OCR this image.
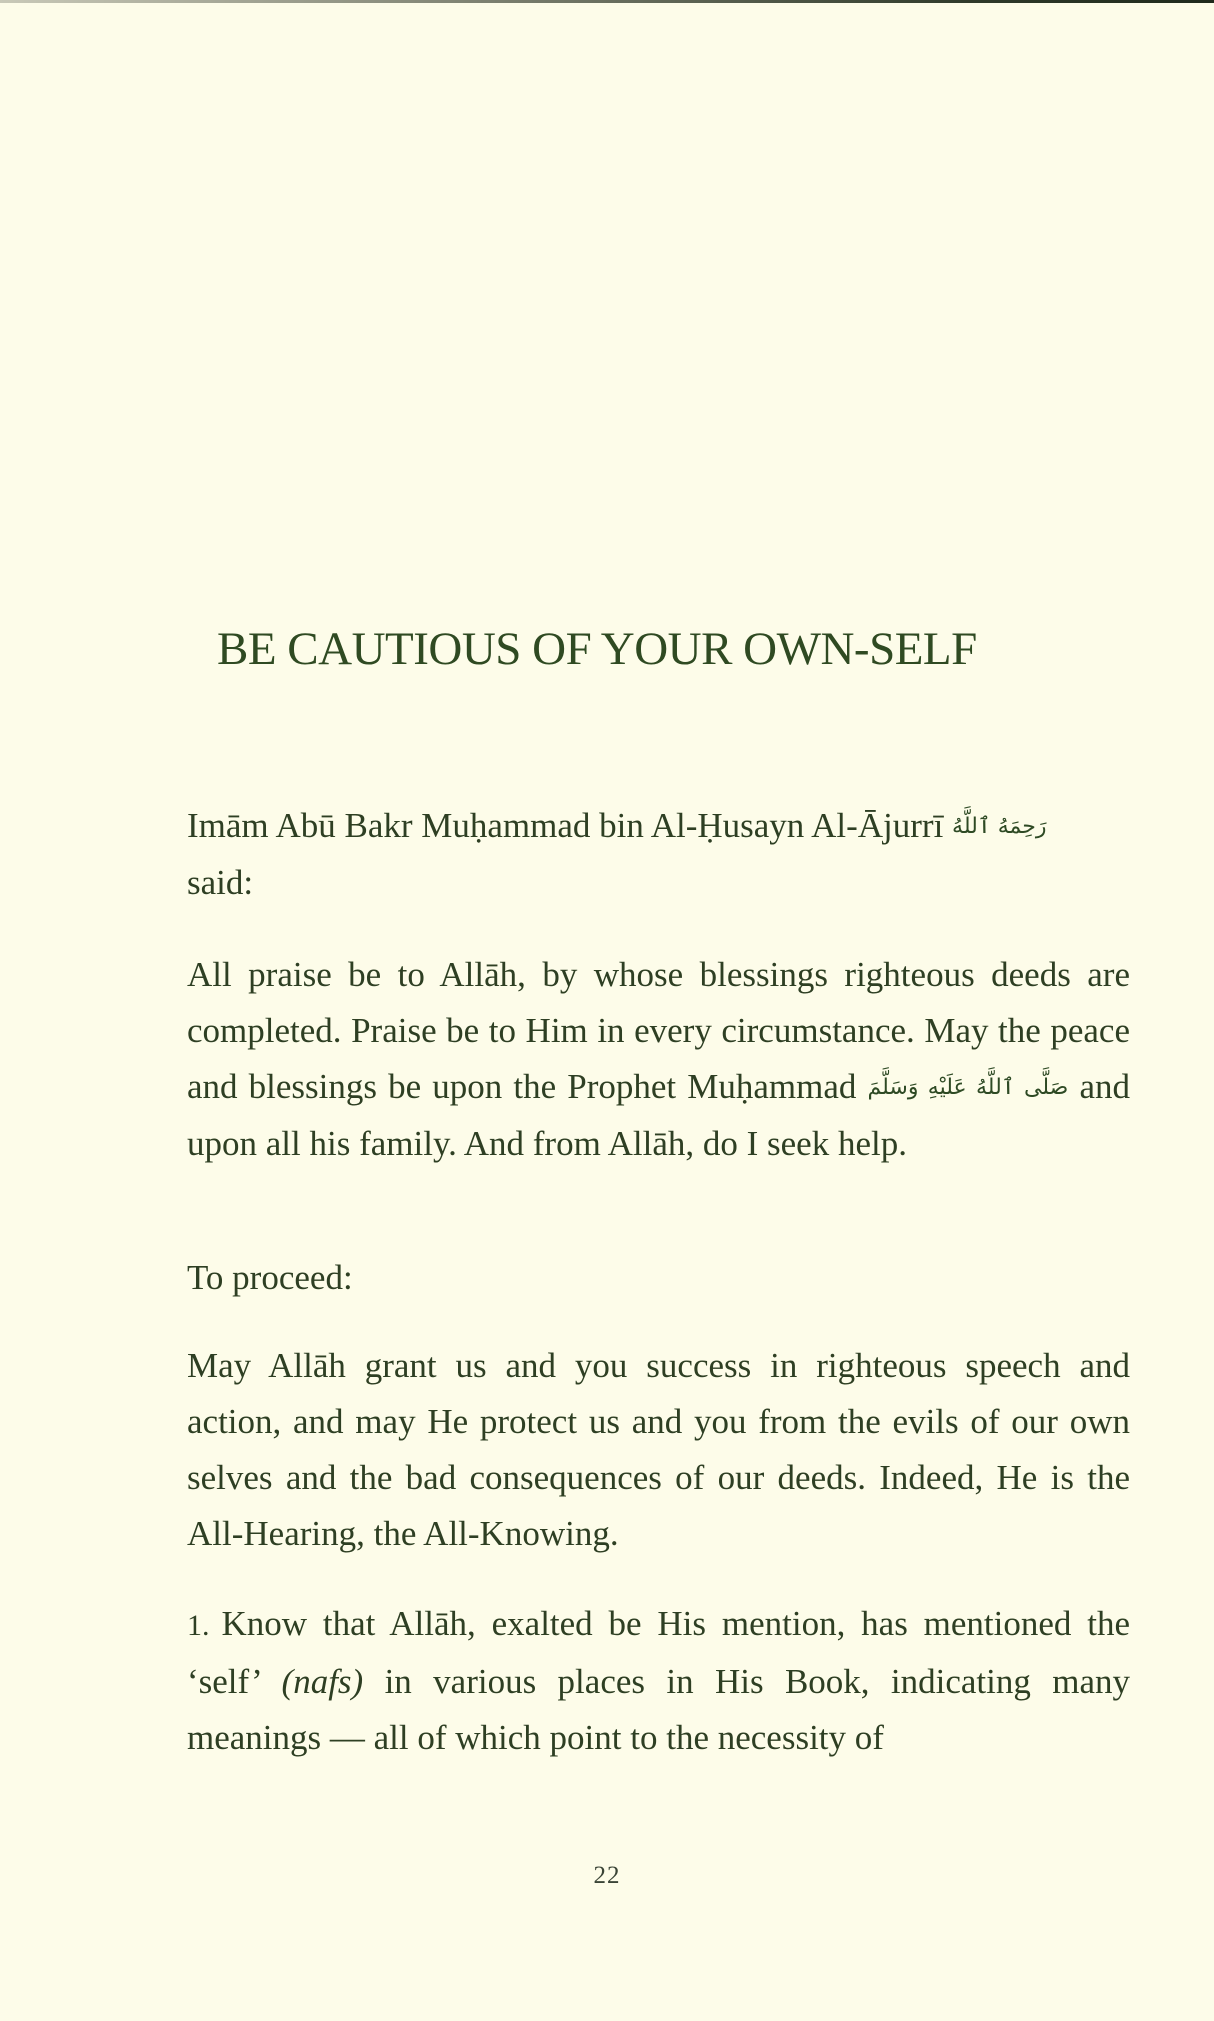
BE CAUTIOUS OF YOUR OWN-SELF

Imām Abū Bakr Muḥammad bin Al-Ḥusayn Al-Ājurrī رَحِمَهُ ٱللَّهُ
said:

All praise be to Allāh, by whose blessings righteous deeds are completed. Praise be to Him in every circumstance. May the peace and blessings be upon the Prophet Muḥammad صَلَّى ٱللَّهُ عَلَيْهِ وَسَلَّمَ and upon all his family. And from Allāh, do I seek help.

To proceed:

May Allāh grant us and you success in righteous speech and action, and may He protect us and you from the evils of our own selves and the bad consequences of our deeds. Indeed, He is the All-Hearing, the All-Knowing.

1. Know that Allāh, exalted be His mention, has mentioned the ‘self’ (nafs) in various places in His Book, indicating many meanings — all of which point to the necessity of

22
